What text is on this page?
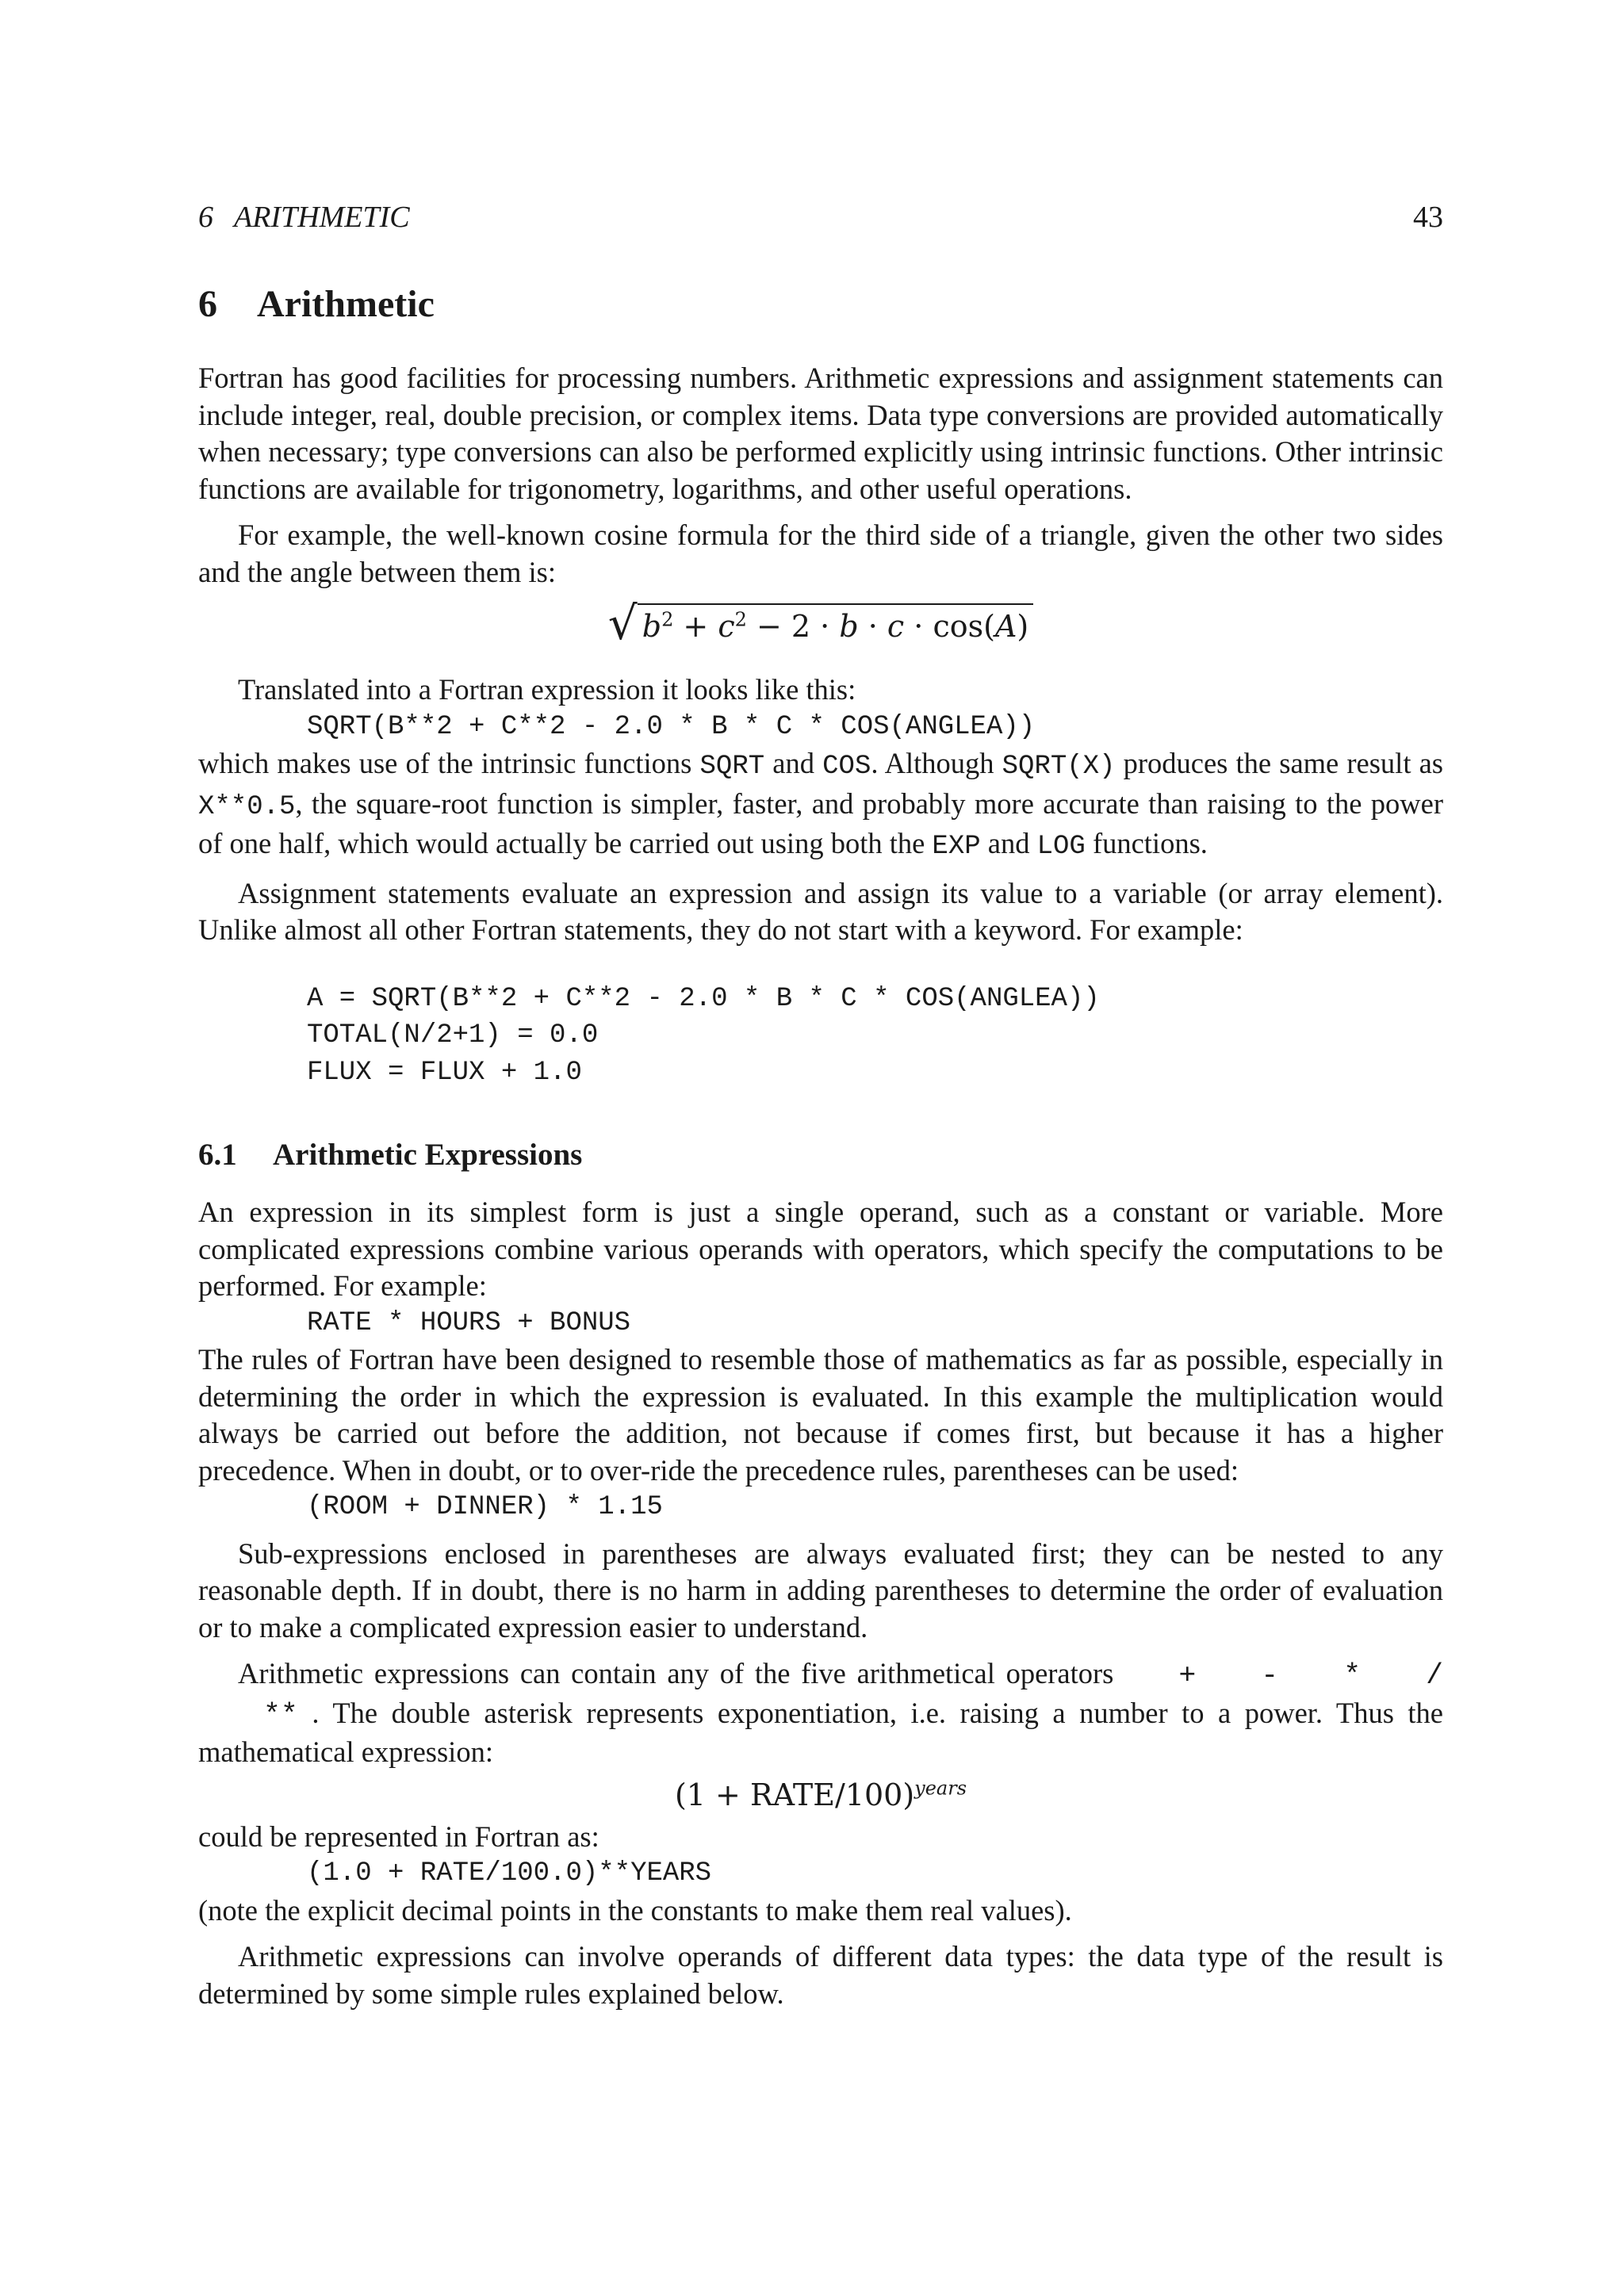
6 ARITHMETIC	43
6 Arithmetic

Fortran has good facilities for processing numbers. Arithmetic expressions and assignment statements can include integer, real, double precision, or complex items. Data type conversions are provided automatically when necessary; type conversions can also be performed explicitly using intrinsic functions. Other intrinsic functions are available for trigonometry, logarithms, and other useful operations.

For example, the well-known cosine formula for the third side of a triangle, given the other two sides and the angle between them is:

√ $b^2 + c^2 - 2 \cdot b \cdot c \cdot \cos(A)$

Translated into a Fortran expression it looks like this:

SQRT(B**2 + C**2 - 2.0 * B * C * COS(ANGLEA))

which makes use of the intrinsic functions SQRT and COS. Although SQRT(X) produces the same result as X**0.5, the square-root function is simpler, faster, and probably more accurate than raising to the power of one half, which would actually be carried out using both the EXP and LOG functions.

Assignment statements evaluate an expression and assign its value to a variable (or array element). Unlike almost all other Fortran statements, they do not start with a keyword. For example:

A = SQRT(B**2 + C**2 - 2.0 * B * C * COS(ANGLEA))
TOTAL(N/2+1) = 0.0
FLUX = FLUX + 1.0
6.1 Arithmetic Expressions

An expression in its simplest form is just a single operand, such as a constant or variable. More complicated expressions combine various operands with operators, which specify the computations to be performed. For example:

RATE * HOURS + BONUS

The rules of Fortran have been designed to resemble those of mathematics as far as possible, especially in determining the order in which the expression is evaluated. In this example the multiplication would always be carried out before the addition, not because if comes first, but because it has a higher precedence. When in doubt, or to over-ride the precedence rules, parentheses can be used:

(ROOM + DINNER) * 1.15

Sub-expressions enclosed in parentheses are always evaluated first; they can be nested to any reasonable depth. If in doubt, there is no harm in adding parentheses to determine the order of evaluation or to make a complicated expression easier to understand.

Arithmetic expressions can contain any of the five arithmetical operators + - * /** . The double asterisk represents exponentiation, i.e. raising a number to a power. Thus the mathematical expression:

(1 + RATE/100)$^{years}$

could be represented in Fortran as:

(1.0 + RATE/100.0)**YEARS

(note the explicit decimal points in the constants to make them real values).

Arithmetic expressions can involve operands of different data types: the data type of the result is determined by some simple rules explained below.
